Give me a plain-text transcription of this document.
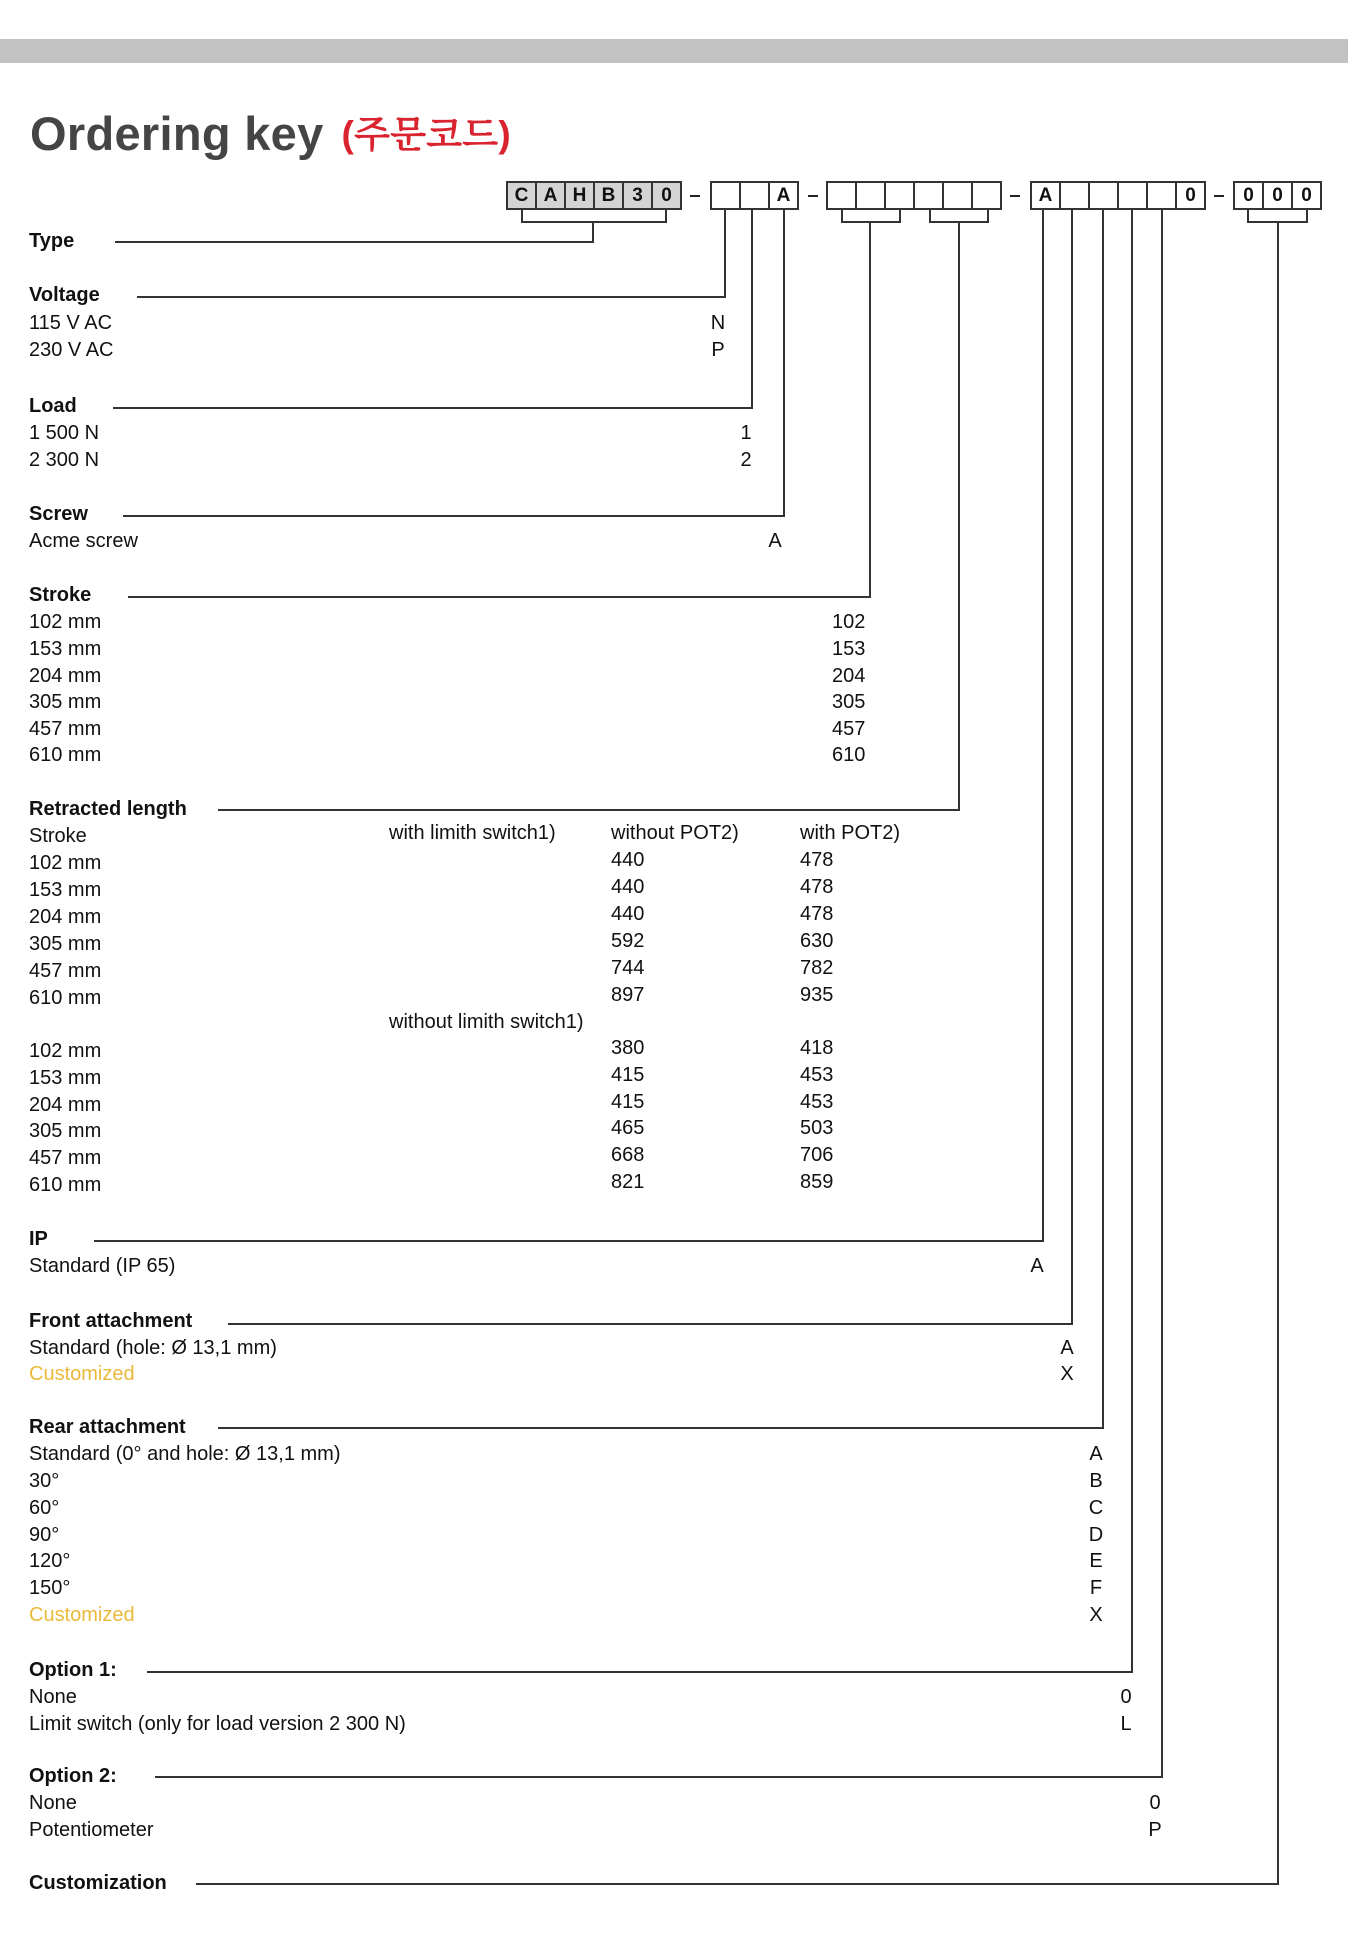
Ordering key (주문코드)
C A H B 3 0	A	A	0	0 0 0
Type
Voltage
115 V AC	N
230 V AC	P
Load
1 500 N	1
2 300 N	2
Screw
Acme screw	A
Stroke
102 mm	102
153 mm	153
204 mm	204
305 mm	305
457 mm	457
610 mm	610
Retracted length
Stroke	with limith switch1)	without POT2)	with POT2)
102 mm	440	478
153 mm	440	478
204 mm	440	478
305 mm	592	630
457 mm	744	782
610 mm	897	935
without limith switch1)
102 mm	380	418
153 mm	415	453
204 mm	415	453
305 mm	465	503
457 mm	668	706
610 mm	821	859
IP
Standard (IP 65)	A
Front attachment
Standard (hole: Ø 13,1 mm)	A
Customized	X
Rear attachment
Standard (0° and hole: Ø 13,1 mm)	A
30°	B
60°	C
90°	D
120°	E
150°	F
Customized	X
Option 1:
None	0
Limit switch (only for load version 2 300 N)	L
Option 2:
None	0
Potentiometer	P
Customization
